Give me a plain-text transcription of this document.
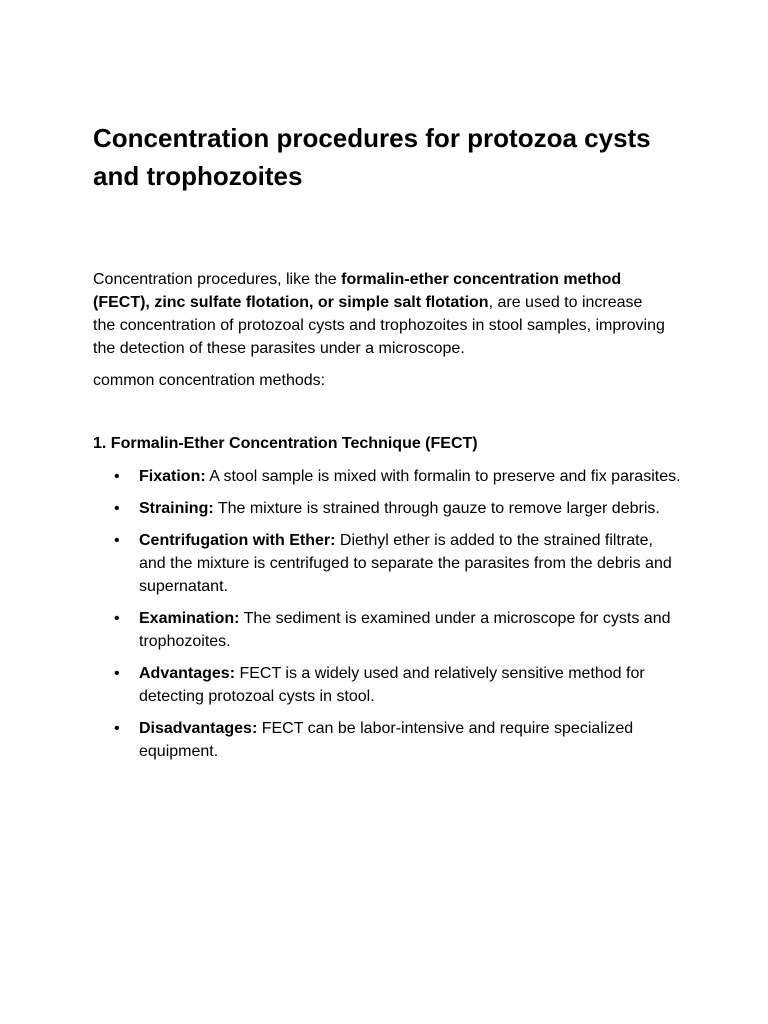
Concentration procedures for protozoa cysts and trophozoites

Concentration procedures, like the formalin-ether concentration method (FECT), zinc sulfate flotation, or simple salt flotation, are used to increase the concentration of protozoal cysts and trophozoites in stool samples, improving the detection of these parasites under a microscope.

common concentration methods:

1. Formalin-Ether Concentration Technique (FECT)
• Fixation: A stool sample is mixed with formalin to preserve and fix parasites.
• Straining: The mixture is strained through gauze to remove larger debris.
• Centrifugation with Ether: Diethyl ether is added to the strained filtrate, and the mixture is centrifuged to separate the parasites from the debris and supernatant.
• Examination: The sediment is examined under a microscope for cysts and trophozoites.
• Advantages: FECT is a widely used and relatively sensitive method for detecting protozoal cysts in stool.
• Disadvantages: FECT can be labor-intensive and require specialized equipment.
